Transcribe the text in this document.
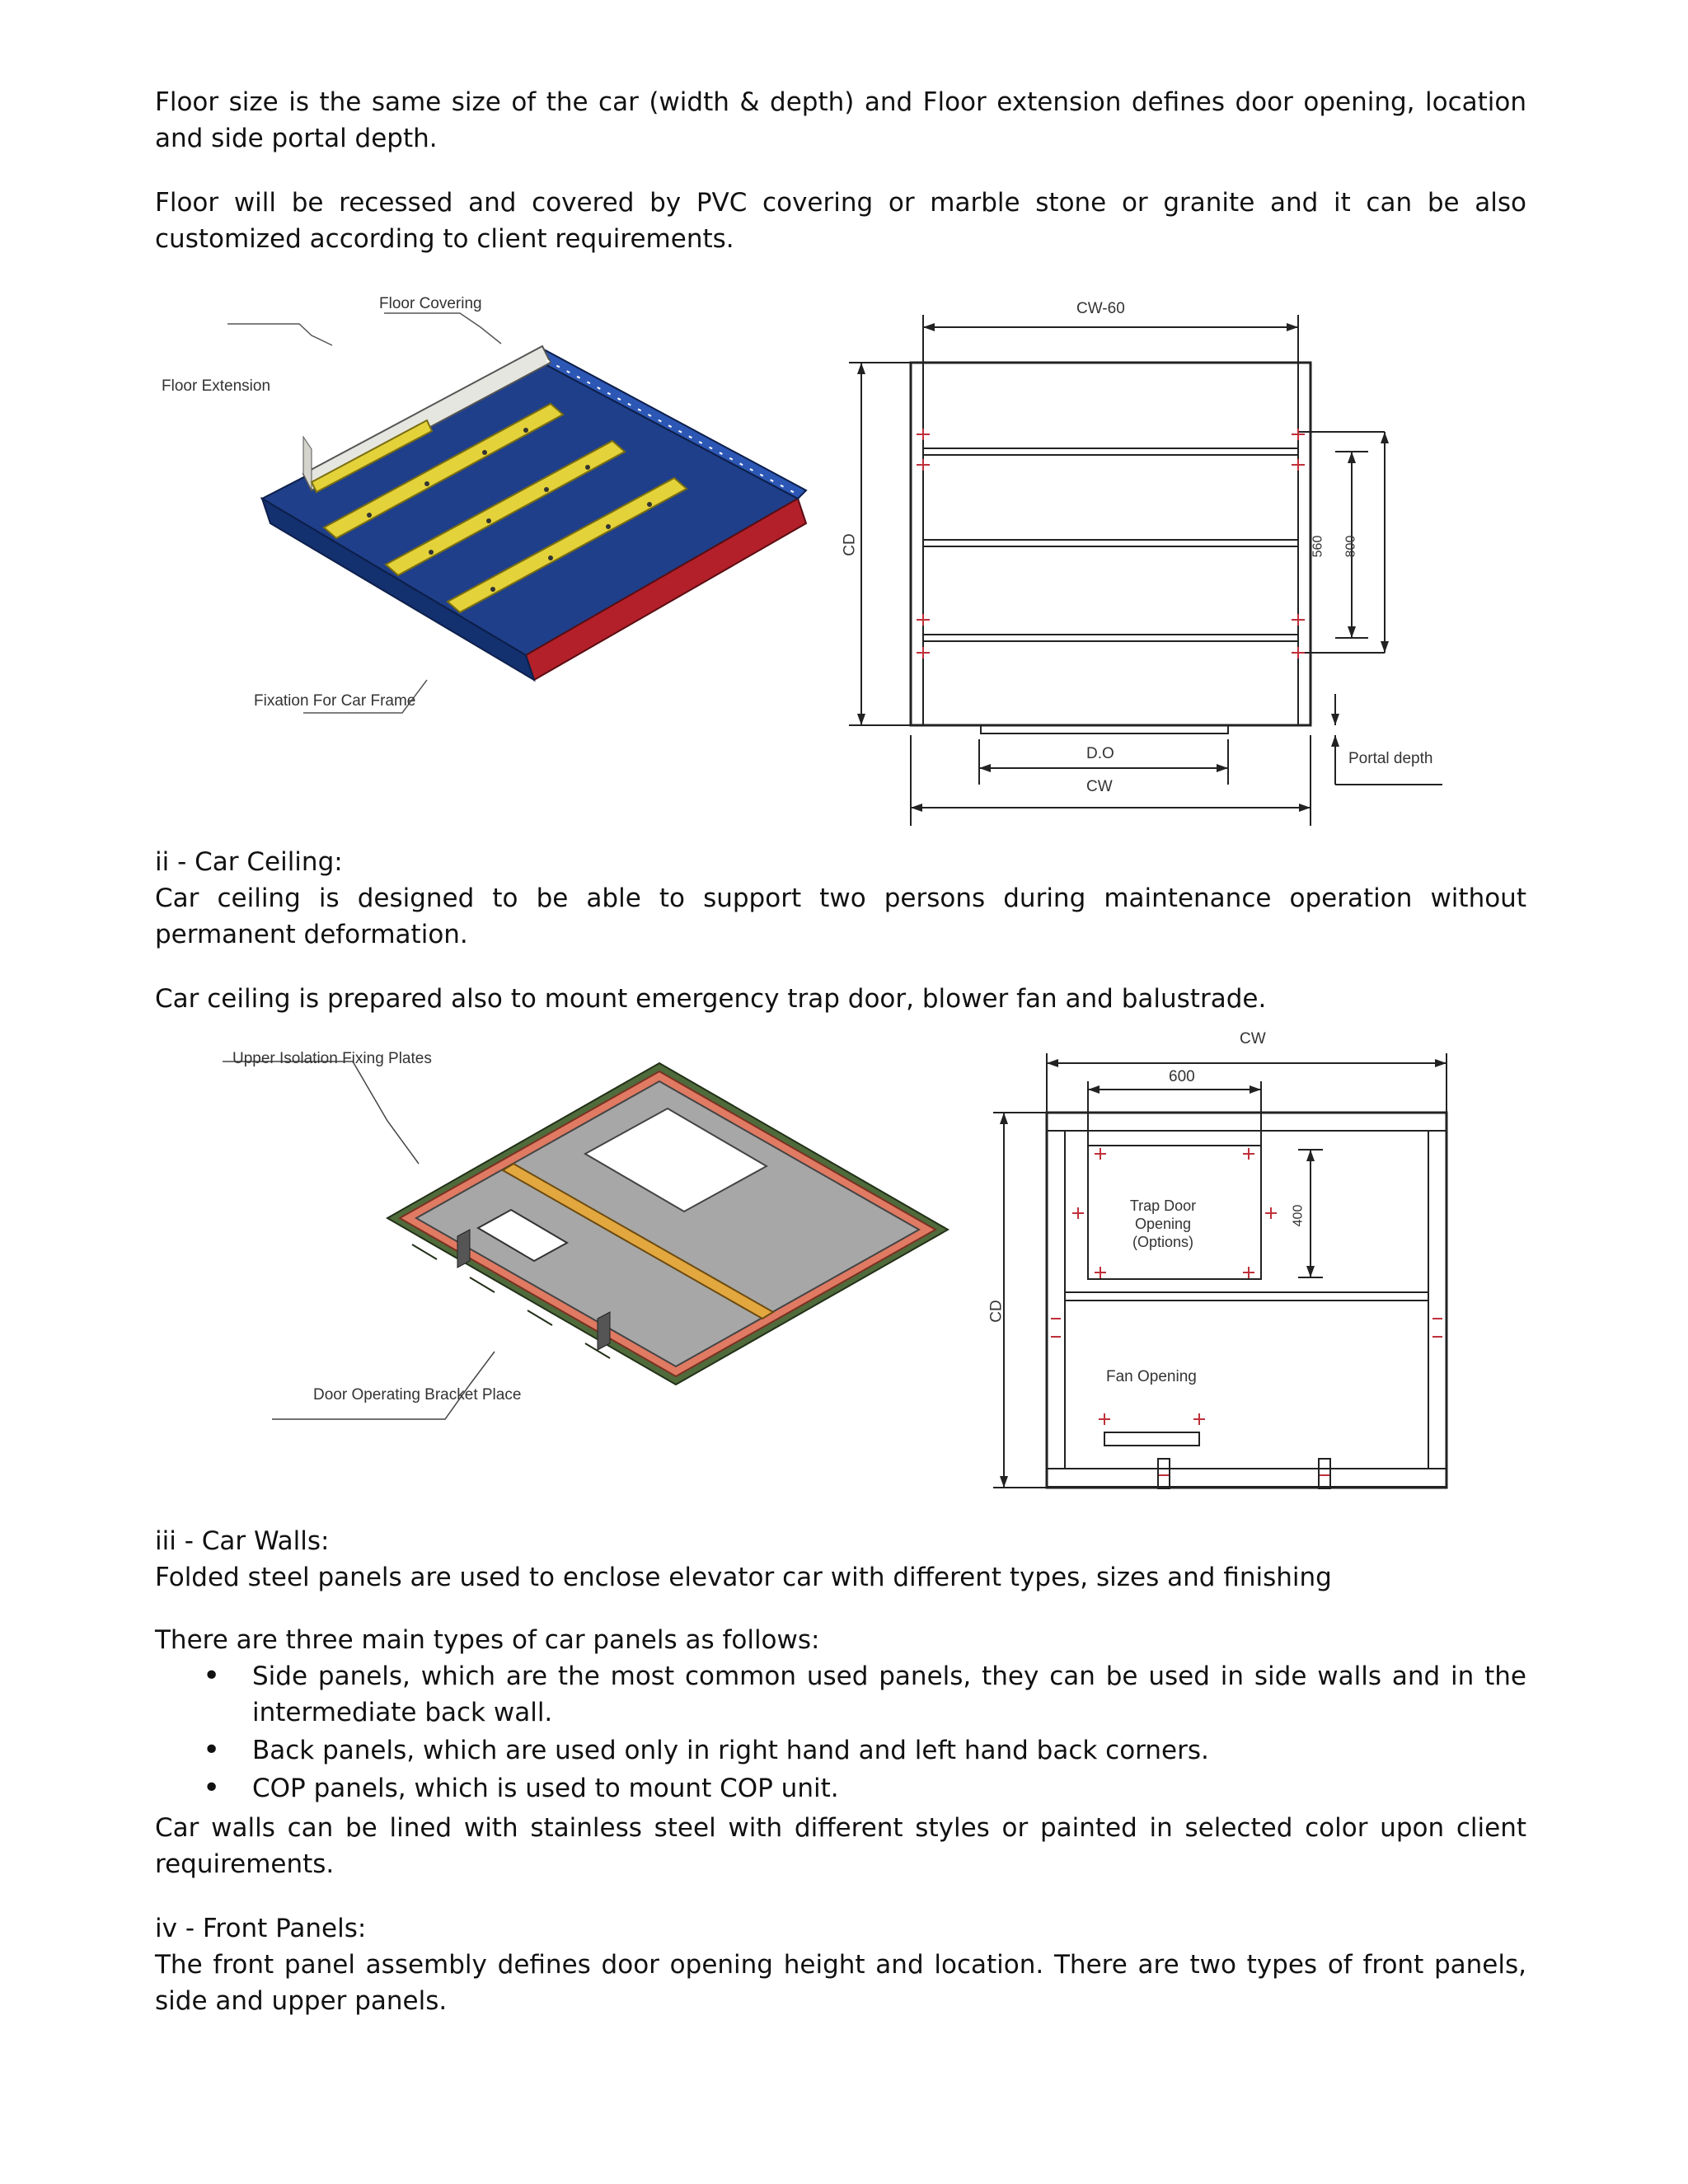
Floor size is the same size of the car (width & depth) and Floor extension defines door opening, location and side portal depth.

Floor will be recessed and covered by PVC covering or marble stone or granite and it can be also customized according to client requirements.

Floor Covering
Floor Extension
Fixation For Car Frame
CW-60
CD	560 800
D.O
CW
Portal depth

ii - Car Ceiling:

Car ceiling is designed to be able to support two persons during maintenance operation without permanent deformation.

Car ceiling is prepared also to mount emergency trap door, blower fan and balustrade.

Upper Isolation Fixing Plates
Door Operating Bracket Place
CW
600
400
CD
Trap Door Opening
(Options)
Fan Opening

iii - Car Walls:

Folded steel panels are used to enclose elevator car with different types, sizes and finishing

There are three main types of car panels as follows:

• Side panels, which are the most common used panels, they can be used in side walls and in the intermediate back wall.
• Back panels, which are used only in right hand and left hand back corners.
• COP panels, which is used to mount COP unit.

Car walls can be lined with stainless steel with different styles or painted in selected color upon client requirements.

iv - Front Panels:

The front panel assembly defines door opening height and location. There are two types of front panels, side and upper panels.
